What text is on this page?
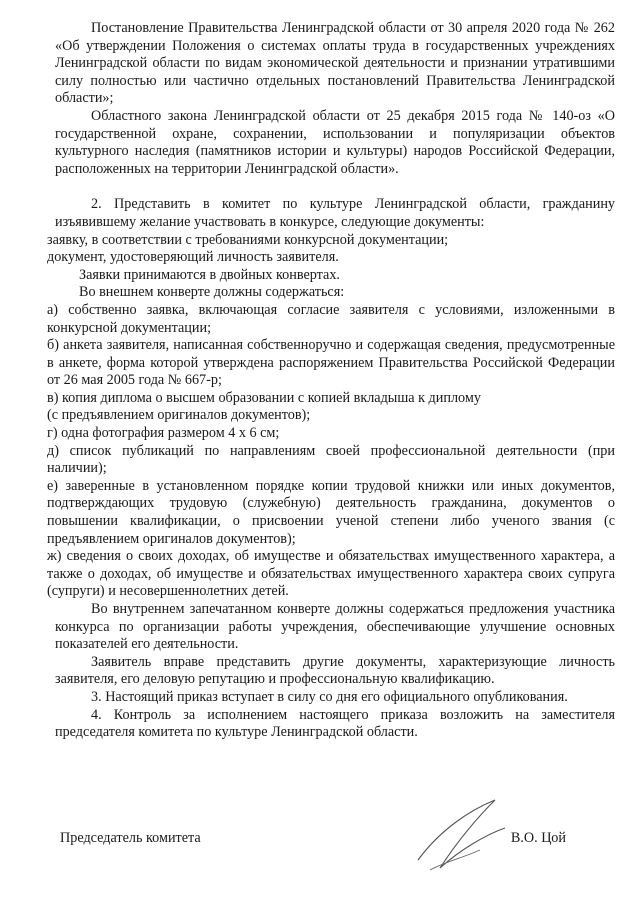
Постановление Правительства Ленинградской области от 30 апреля 2020 года № 262 «Об утверждении Положения о системах оплаты труда в государственных учреждениях Ленинградской области по видам экономической деятельности и признании утратившими силу полностью или частично отдельных постановлений Правительства Ленинградской области»;

Областного закона Ленинградской области от 25 декабря 2015 года № 140-оз «О государственной охране, сохранении, использовании и популяризации объектов культурного наследия (памятников истории и культуры) народов Российской Федерации, расположенных на территории Ленинградской области».

2. Представить в комитет по культуре Ленинградской области, гражданину изъявившему желание участвовать в конкурсе, следующие документы:

заявку, в соответствии с требованиями конкурсной документации;

документ, удостоверяющий личность заявителя.

Заявки принимаются в двойных конвертах.

Во внешнем конверте должны содержаться:

а) собственно заявка, включающая согласие заявителя с условиями, изложенными в конкурсной документации;

б) анкета заявителя, написанная собственноручно и содержащая сведения, предусмотренные в анкете, форма которой утверждена распоряжением Правительства Российской Федерации от 26 мая 2005 года № 667-р;

в) копия диплома о высшем образовании с копией вкладыша к диплому

(с предъявлением оригиналов документов);

г) одна фотография размером 4 х 6 см;

д) список публикаций по направлениям своей профессиональной деятельности (при наличии);

е) заверенные в установленном порядке копии трудовой книжки или иных документов, подтверждающих трудовую (служебную) деятельность гражданина, документов о повышении квалификации, о присвоении ученой степени либо ученого звания (с предъявлением оригиналов документов);

ж) сведения о своих доходах, об имуществе и обязательствах имущественного характера, а также о доходах, об имуществе и обязательствах имущественного характера своих супруга (супруги) и несовершеннолетних детей.

Во внутреннем запечатанном конверте должны содержаться предложения участника конкурса по организации работы учреждения, обеспечивающие улучшение основных показателей его деятельности.

Заявитель вправе представить другие документы, характеризующие личность заявителя, его деловую репутацию и профессиональную квалификацию.

3. Настоящий приказ вступает в силу со дня его официального опубликования.

4. Контроль за исполнением настоящего приказа возложить на заместителя председателя комитета по культуре Ленинградской области.

Председатель комитета	В.О. Цой
